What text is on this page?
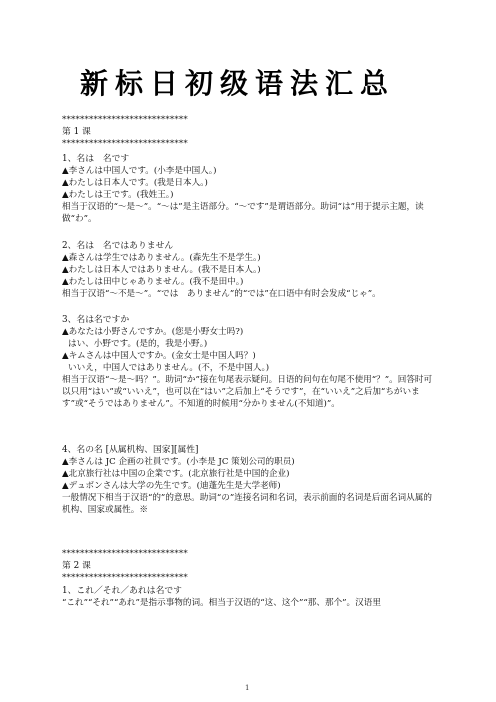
新标日初级语法汇总
****************************
第 1 课
****************************
1、名は　名です
▲李さんは中国人です。(小李是中国人。)
▲わたしは日本人です。(我是日本人。)
▲わたしは王です。(我姓王。)
相当于汉语的“～是～”。“～は”是主语部分。“～です”是谓语部分。助词“は”用于提示主题，读做“わ”。
2、名は　名ではありません
▲森さんは学生ではありません。(森先生不是学生。)
▲わたしは日本人ではありません。(我不是日本人。)
▲わたしは田中じゃありません。(我不是田中。)
相当于汉语“～不是～”。“では　ありません”的“では”在口语中有时会发成“じゃ”。
3、名は名ですか
▲あなたは小野さんですか。(您是小野女士吗?)
はい、小野です。(是的，我是小野。)
▲キムさんは中国人ですか。(金女士是中国人吗？)
いいえ，中国人ではありません。(不，不是中国人。)
相当于汉语“～是～吗？”。助词“か”接在句尾表示疑问。日语的问句在句尾不使用“？”。回答时可以只用“はい”或“いいえ”，也可以在“はい”之后加上“そうです”，在“いいえ”之后加“ちがいます”或“そうではありません”。不知道的时候用“分かりません(不知道)”。
4、名の名 [从属机构、国家][属性]
▲李さんは JC 企画の社員です。(小李是 JC 策划公司的职员)
▲北京旅行社は中国の企業です。(北京旅行社是中国的企业)
▲デュボンさんは大学の先生です。(迪蓬先生是大学老师)
一般情况下相当于汉语“的”的意思。助词“の”连接名词和名词，表示前面的名词是后面名词从属的机构、国家或属性。※
****************************
第 2 课
****************************
1、これ／それ／あれは名です
“これ”“それ”“あれ”是指示事物的词。相当于汉语的“这、这个”“那、那个”。汉语里
1
